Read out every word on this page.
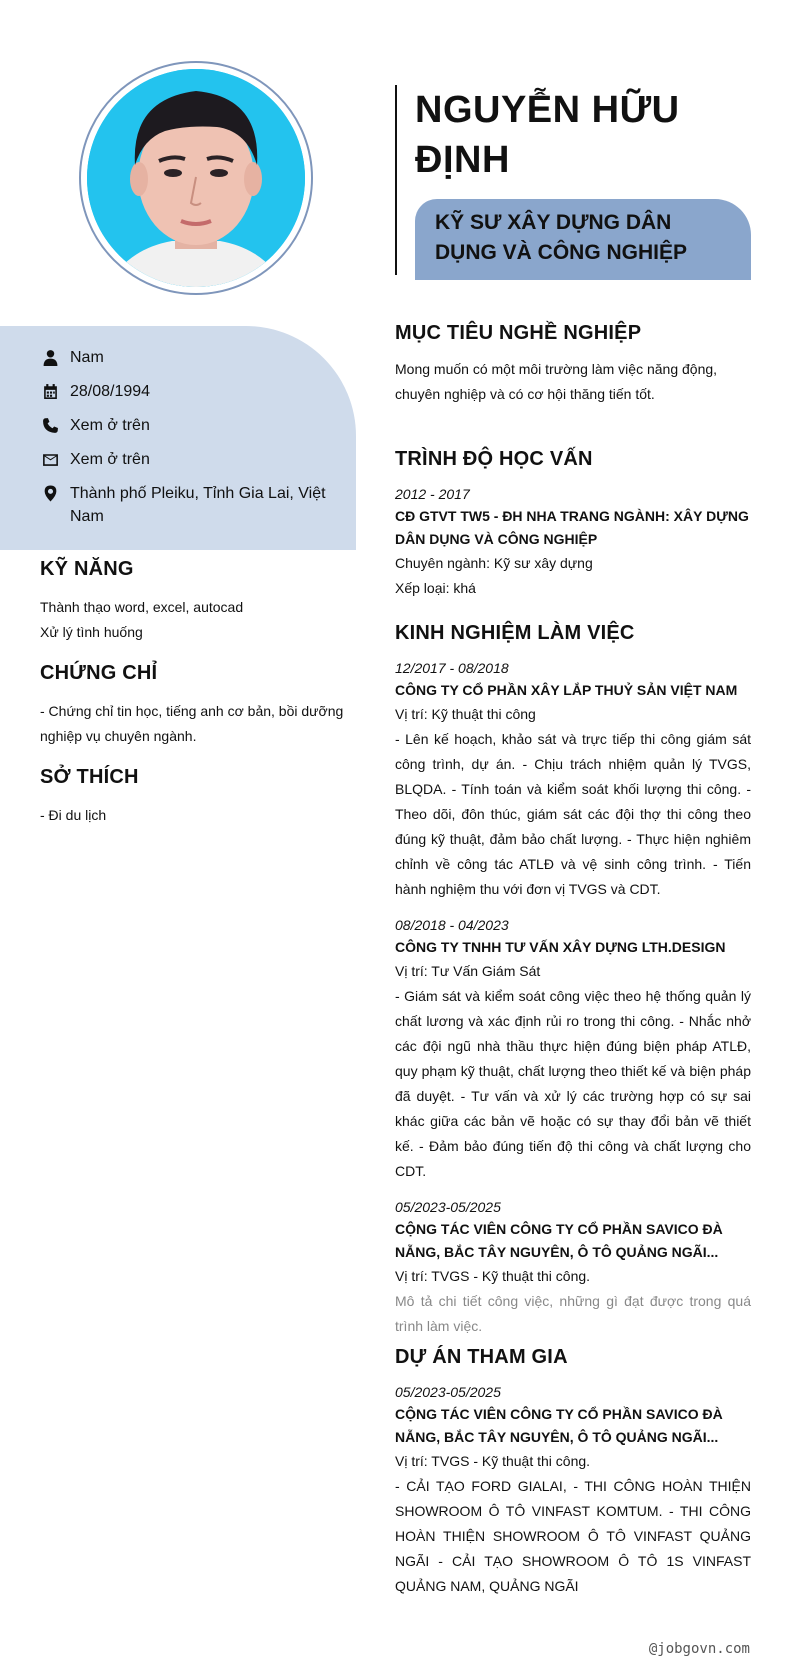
Nam
28/08/1994
Xem ở trên
Xem ở trên
Thành phố Pleiku, Tỉnh Gia Lai, Việt Nam
KỸ NĂNG
Thành thạo word, excel, autocad
Xử lý tình huống
CHỨNG CHỈ
- Chứng chỉ tin học, tiếng anh cơ bản, bồi dưỡng nghiệp vụ chuyên ngành.
SỞ THÍCH
- Đi du lịch
NGUYỄN HỮU ĐỊNH
KỸ SƯ XÂY DỰNG DÂN DỤNG VÀ CÔNG NGHIỆP
MỤC TIÊU NGHỀ NGHIỆP
Mong muốn có một môi trường làm việc năng động, chuyên nghiệp và có cơ hội thăng tiến tốt.
TRÌNH ĐỘ HỌC VẤN
2012 - 2017
CĐ GTVT TW5 - ĐH NHA TRANG NGÀNH: XÂY DỰNG DÂN DỤNG VÀ CÔNG NGHIỆP
Chuyên ngành: Kỹ sư xây dựng
Xếp loại: khá
KINH NGHIỆM LÀM VIỆC
12/2017 - 08/2018
CÔNG TY CỔ PHẦN XÂY LẮP THUỶ SẢN VIỆT NAM
Vị trí: Kỹ thuật thi công
- Lên kế hoạch, khảo sát và trực tiếp thi công giám sát công trình, dự án. - Chịu trách nhiệm quản lý TVGS, BLQDA. - Tính toán và kiểm soát khối lượng thi công. - Theo dõi, đôn thúc, giám sát các đội thợ thi công theo đúng kỹ thuật, đảm bảo chất lượng. - Thực hiện nghiêm chỉnh về công tác ATLĐ và vệ sinh công trình. - Tiến hành nghiệm thu với đơn vị TVGS và CDT.
08/2018 - 04/2023
CÔNG TY TNHH TƯ VẤN XÂY DỰNG LTH.DESIGN
Vị trí: Tư Vấn Giám Sát
- Giám sát và kiểm soát công việc theo hệ thống quản lý chất lương và xác định rủi ro trong thi công. - Nhắc nhở các đội ngũ nhà thầu thực hiện đúng biện pháp ATLĐ, quy phạm kỹ thuật, chất lượng theo thiết kế và biện pháp đã duyệt. - Tư vấn và xử lý các trường hợp có sự sai khác giữa các bản vẽ hoặc có sự thay đổi bản vẽ thiết kế. - Đảm bảo đúng tiến độ thi công và chất lượng cho CDT.
05/2023-05/2025
CỘNG TÁC VIÊN CÔNG TY CỔ PHẦN SAVICO ĐÀ NẴNG, BẮC TÂY NGUYÊN, Ô TÔ QUẢNG NGÃI...
Vị trí: TVGS - Kỹ thuật thi công.
Mô tả chi tiết công việc, những gì đạt được trong quá trình làm việc.
DỰ ÁN THAM GIA
05/2023-05/2025
CỘNG TÁC VIÊN CÔNG TY CỔ PHẦN SAVICO ĐÀ NẴNG, BẮC TÂY NGUYÊN, Ô TÔ QUẢNG NGÃI...
Vị trí: TVGS - Kỹ thuật thi công.
- CẢI TẠO FORD GIALAI, - THI CÔNG HOÀN THIỆN SHOWROOM Ô TÔ VINFAST KOMTUM. - THI CÔNG HOÀN THIỆN SHOWROOM Ô TÔ VINFAST QUẢNG NGÃI - CẢI TẠO SHOWROOM Ô TÔ 1S VINFAST QUẢNG NAM, QUẢNG NGÃI
@jobgovn.com
